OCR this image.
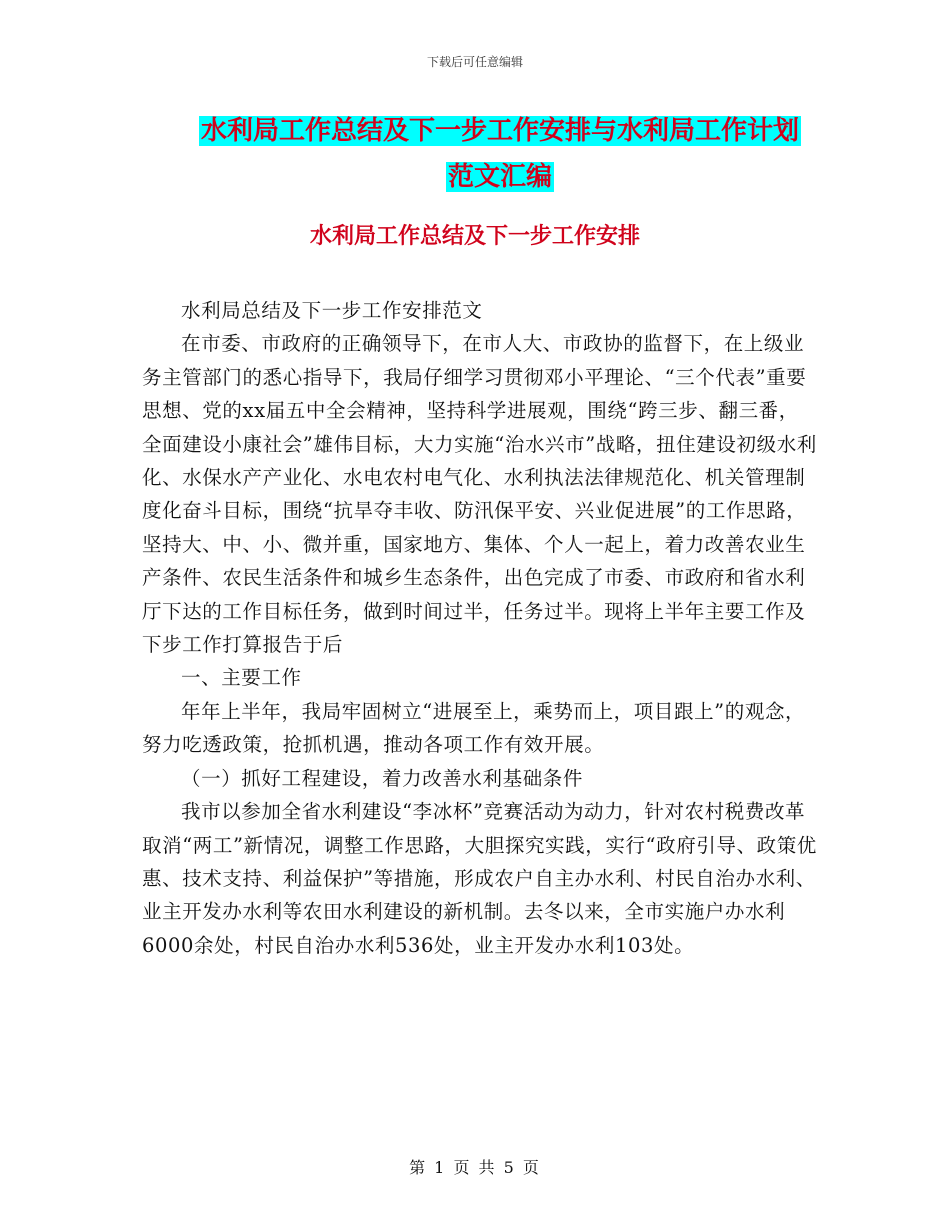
下载后可任意编辑
水利局工作总结及下一步工作安排与水利局工作计划
范文汇编
水利局工作总结及下一步工作安排

水利局总结及下一步工作安排范文

在市委、市政府的正确领导下，在市人大、市政协的监督下，在上级业务主管部门的悉心指导下，我局仔细学习贯彻邓小平理论、“三个代表”重要思想、党的xx届五中全会精神，坚持科学进展观，围绕“跨三步、翻三番，全面建设小康社会”雄伟目标，大力实施“治水兴市”战略，扭住建设初级水利化、水保水产产业化、水电农村电气化、水利执法法律规范化、机关管理制度化奋斗目标，围绕“抗旱夺丰收、防汛保平安、兴业促进展”的工作思路，坚持大、中、小、微并重，国家地方、集体、个人一起上，着力改善农业生产条件、农民生活条件和城乡生态条件，出色完成了市委、市政府和省水利厅下达的工作目标任务，做到时间过半，任务过半。现将上半年主要工作及下步工作打算报告于后

一、主要工作

年年上半年，我局牢固树立“进展至上，乘势而上，项目跟上”的观念，努力吃透政策，抢抓机遇，推动各项工作有效开展。

（一）抓好工程建设，着力改善水利基础条件

我市以参加全省水利建设“李冰杯”竞赛活动为动力，针对农村税费改革取消“两工”新情况，调整工作思路，大胆探究实践，实行“政府引导、政策优惠、技术支持、利益保护”等措施，形成农户自主办水利、村民自治办水利、业主开发办水利等农田水利建设的新机制。去冬以来，全市实施户办水利6000余处，村民自治办水利536处，业主开发办水利103处。

第 1 页 共 5 页
